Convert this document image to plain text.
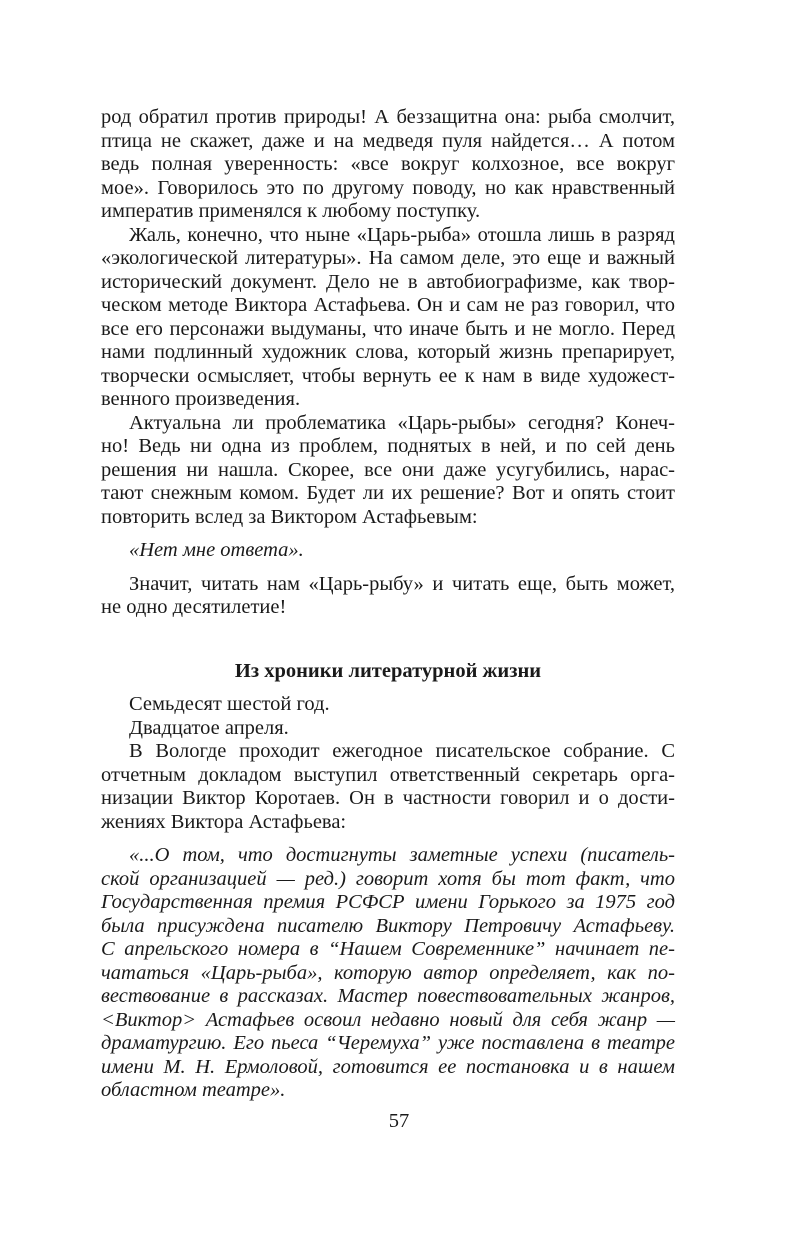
род обратил против природы! А беззащитна она: рыба смолчит,
птица не скажет, даже и на медведя пуля найдется… А потом
ведь полная уверенность: «все вокруг колхозное, все вокруг
мое». Говорилось это по другому поводу, но как нравственный
императив применялся к любому поступку.
Жаль, конечно, что ныне «Царь-рыба» отошла лишь в разряд
«экологической литературы». На самом деле, это еще и важный
исторический документ. Дело не в автобиографизме, как твор-
ческом методе Виктора Астафьева. Он и сам не раз говорил, что
все его персонажи выдуманы, что иначе быть и не могло. Перед
нами подлинный художник слова, который жизнь препарирует,
творчески осмысляет, чтобы вернуть ее к нам в виде художест-
венного произведения.
Актуальна ли проблематика «Царь-рыбы» сегодня? Конеч-
но! Ведь ни одна из проблем, поднятых в ней, и по сей день
решения ни нашла. Скорее, все они даже усугубились, нарас-
тают снежным комом. Будет ли их решение? Вот и опять стоит
повторить вслед за Виктором Астафьевым:
«Нет мне ответа».
Значит, читать нам «Царь-рыбу» и читать еще, быть может,
не одно десятилетие!
Из хроники литературной жизни
Семьдесят шестой год.
Двадцатое апреля.
В Вологде проходит ежегодное писательское собрание. С
отчетным докладом выступил ответственный секретарь орга-
низации Виктор Коротаев. Он в частности говорил и о дости-
жениях Виктора Астафьева:
«...О том, что достигнуты заметные успехи (писатель-
ской организацией — ред.) говорит хотя бы тот факт, что
Государственная премия РСФСР имени Горького за 1975 год
была присуждена писателю Виктору Петровичу Астафьеву.
С апрельского номера в “Нашем Современнике” начинает пе-
чататься «Царь-рыба», которую автор определяет, как по-
вествование в рассказах. Мастер повествовательных жанров,
<Виктор> Астафьев освоил недавно новый для себя жанр —
драматургию. Его пьеса “Черемуха” уже поставлена в театре
имени М. Н. Ермоловой, готовится ее постановка и в нашем
областном театре».
57
